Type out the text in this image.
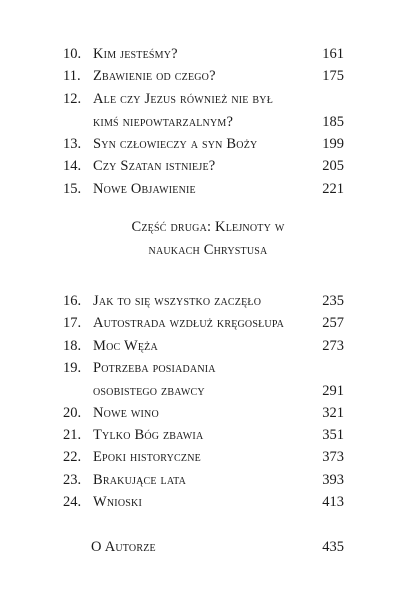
10. Kim jesteśmy?	161
11. Zbawienie od czego?	175
12. Ale czy Jezus również nie był
kimś niepowtarzalnym?	185
13. Syn człowieczy a syn Boży	199
14. Czy Szatan istnieje?	205
15. Nowe Objawienie	221
Część druga: Klejnoty w
naukach Chrystusa
16. Jak to się wszystko zaczęło	235
17. Autostrada wzdłuż kręgosłupa	257
18. Moc Węża	273
19. Potrzeba posiadania
osobistego zbawcy	291
20. Nowe wino	321
21. Tylko Bóg zbawia	351
22. Epoki historyczne	373
23. Brakujące lata	393
24. Wnioski	413
O Autorze	435
